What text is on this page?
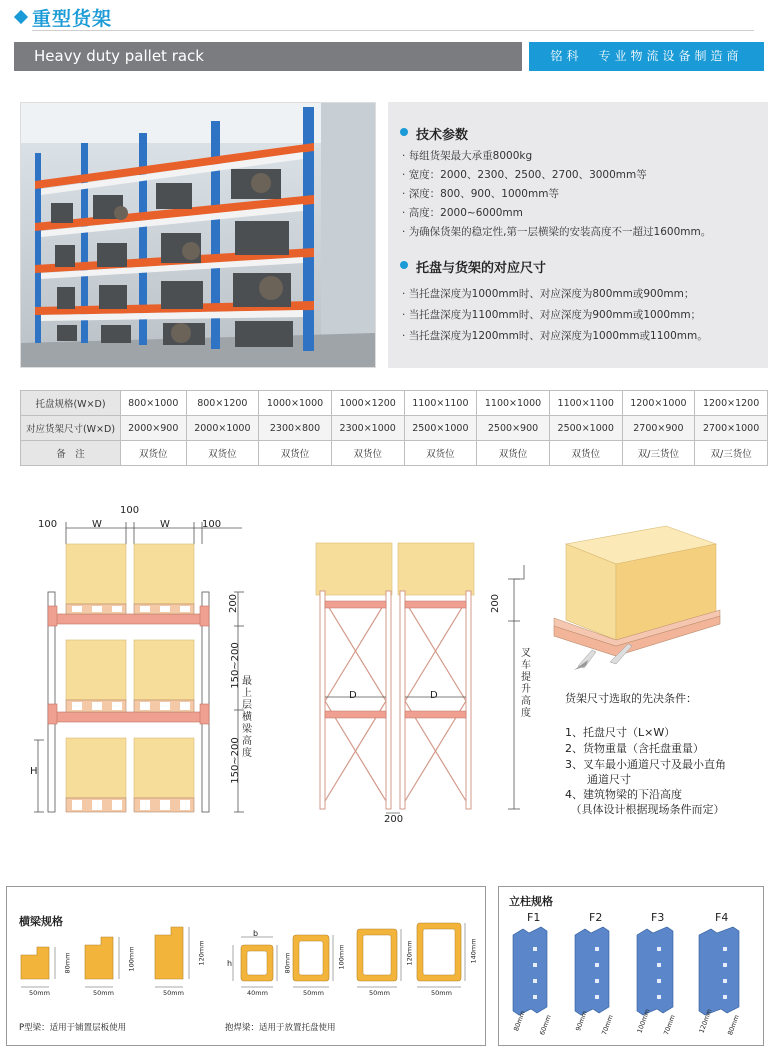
重型货架
Heavy duty pallet rack	铭科　专业物流设备制造商
技术参数
· 每组货架最大承重8000kg
· 宽度：2000、2300、2500、2700、3000mm等
· 深度：800、900、1000mm等
· 高度：2000~6000mm
· 为确保货架的稳定性,第一层横梁的安装高度不一超过1600mm。
托盘与货架的对应尺寸
· 当托盘深度为1000mm时、对应深度为800mm或900mm；
· 当托盘深度为1100mm时、对应深度为900mm或1000mm；
· 当托盘深度为1200mm时、对应深度为1000mm或1100mm。
托盘规格(W×D)	800×1000	800×1200	1000×1000	1000×1200	1100×1100	1100×1000	1100×1100	1200×1000	1200×1200
对应货架尺寸(W×D)	2000×900	2000×1000	2300×800	2300×1000	2500×1000	2500×900	2500×1000	2700×900	2700×1000
备　注	双货位	双货位	双货位	双货位	双货位	双货位	双货位	双/三货位	双/三货位
100
100
100
W	W
200
150~200
150~200
H
最上层横梁高度
D	D
200
200
叉车提升高度
货架尺寸选取的先决条件：
1、托盘尺寸（L×W）
2、货物重量（含托盘重量）
3、叉车最小通道尺寸及最小直角
　　通道尺寸
4、建筑物梁的下沿高度
　（具体设计根据现场条件而定）
横梁规格
50mm
80mm
50mm
100mm
50mm
120mm
40mm
80mm
b
h
50mm
100mm
50mm
120mm
50mm
140mm
P型梁：适用于铺置层板使用	抱焊梁：适用于放置托盘使用
立柱规格
F1	F2	F3	F4
80mm 60mm	90mm 70mm	100mm 70mm	120mm 80mm
